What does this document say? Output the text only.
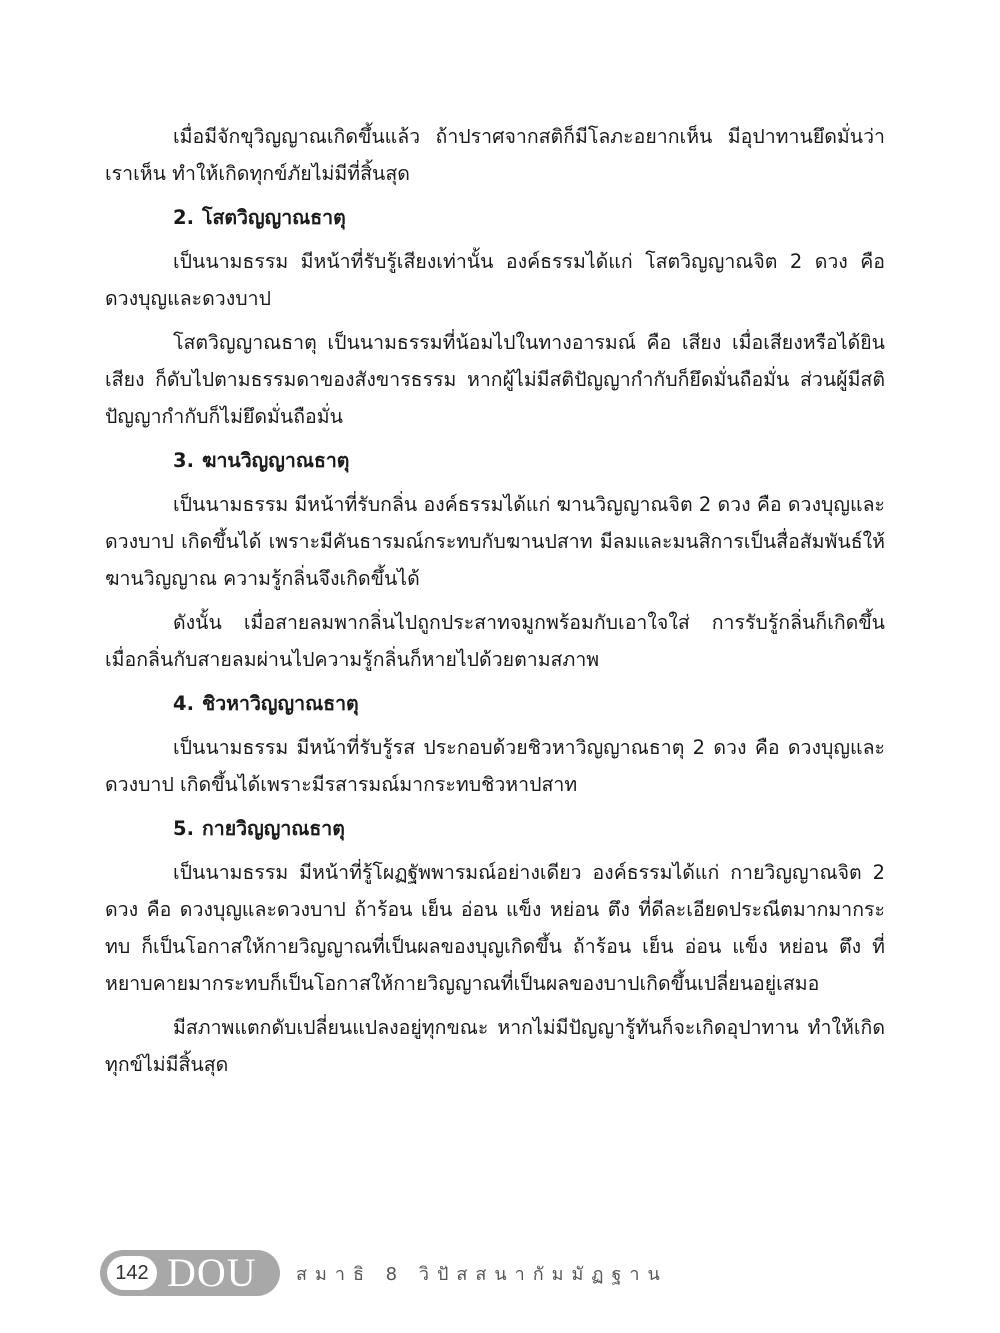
เมื่อมีจักขุวิญญาณเกิดขึ้นแล้ว ถ้าปราศจากสติก็มีโลภะอยากเห็น มีอุปาทานยึดมั่นว่าเราเห็น ทำให้เกิดทุกข์ภัยไม่มีที่สิ้นสุด

2. โสตวิญญาณธาตุ

เป็นนามธรรม มีหน้าที่รับรู้เสียงเท่านั้น องค์ธรรมได้แก่ โสตวิญญาณจิต 2 ดวง คือ ดวงบุญและดวงบาป

โสตวิญญาณธาตุ เป็นนามธรรมที่น้อมไปในทางอารมณ์ คือ เสียง เมื่อเสียงหรือได้ยินเสียง ก็ดับไปตามธรรมดาของสังขารธรรม หากผู้ไม่มีสติปัญญากำกับก็ยึดมั่นถือมั่น ส่วนผู้มีสติปัญญากำกับก็ไม่ยึดมั่นถือมั่น

3. ฆานวิญญาณธาตุ

เป็นนามธรรม มีหน้าที่รับกลิ่น องค์ธรรมได้แก่ ฆานวิญญาณจิต 2 ดวง คือ ดวงบุญและดวงบาป เกิดขึ้นได้ เพราะมีคันธารมณ์กระทบกับฆานปสาท มีลมและมนสิการเป็นสื่อสัมพันธ์ให้ฆานวิญญาณ ความรู้กลิ่นจึงเกิดขึ้นได้

ดังนั้น เมื่อสายลมพากลิ่นไปถูกประสาทจมูกพร้อมกับเอาใจใส่ การรับรู้กลิ่นก็เกิดขึ้น เมื่อกลิ่นกับสายลมผ่านไปความรู้กลิ่นก็หายไปด้วยตามสภาพ

4. ชิวหาวิญญาณธาตุ

เป็นนามธรรม มีหน้าที่รับรู้รส ประกอบด้วยชิวหาวิญญาณธาตุ 2 ดวง คือ ดวงบุญและดวงบาป เกิดขึ้นได้เพราะมีรสารมณ์มากระทบชิวหาปสาท

5. กายวิญญาณธาตุ

เป็นนามธรรม มีหน้าที่รู้โผฏฐัพพารมณ์อย่างเดียว องค์ธรรมได้แก่ กายวิญญาณจิต 2 ดวง คือ ดวงบุญและดวงบาป ถ้าร้อน เย็น อ่อน แข็ง หย่อน ตึง ที่ดีละเอียดประณีตมากมากระทบ ก็เป็นโอกาสให้กายวิญญาณที่เป็นผลของบุญเกิดขึ้น ถ้าร้อน เย็น อ่อน แข็ง หย่อน ตึง ที่หยาบคายมากระทบก็เป็นโอกาสให้กายวิญญาณที่เป็นผลของบาปเกิดขึ้นเปลี่ยนอยู่เสมอ

มีสภาพแตกดับเปลี่ยนแปลงอยู่ทุกขณะ หากไม่มีปัญญารู้ทันก็จะเกิดอุปาทาน ทำให้เกิดทุกข์ไม่มีสิ้นสุด

142 DOU สมาธิ 8 วิปัสสนากัมมัฏฐาน
